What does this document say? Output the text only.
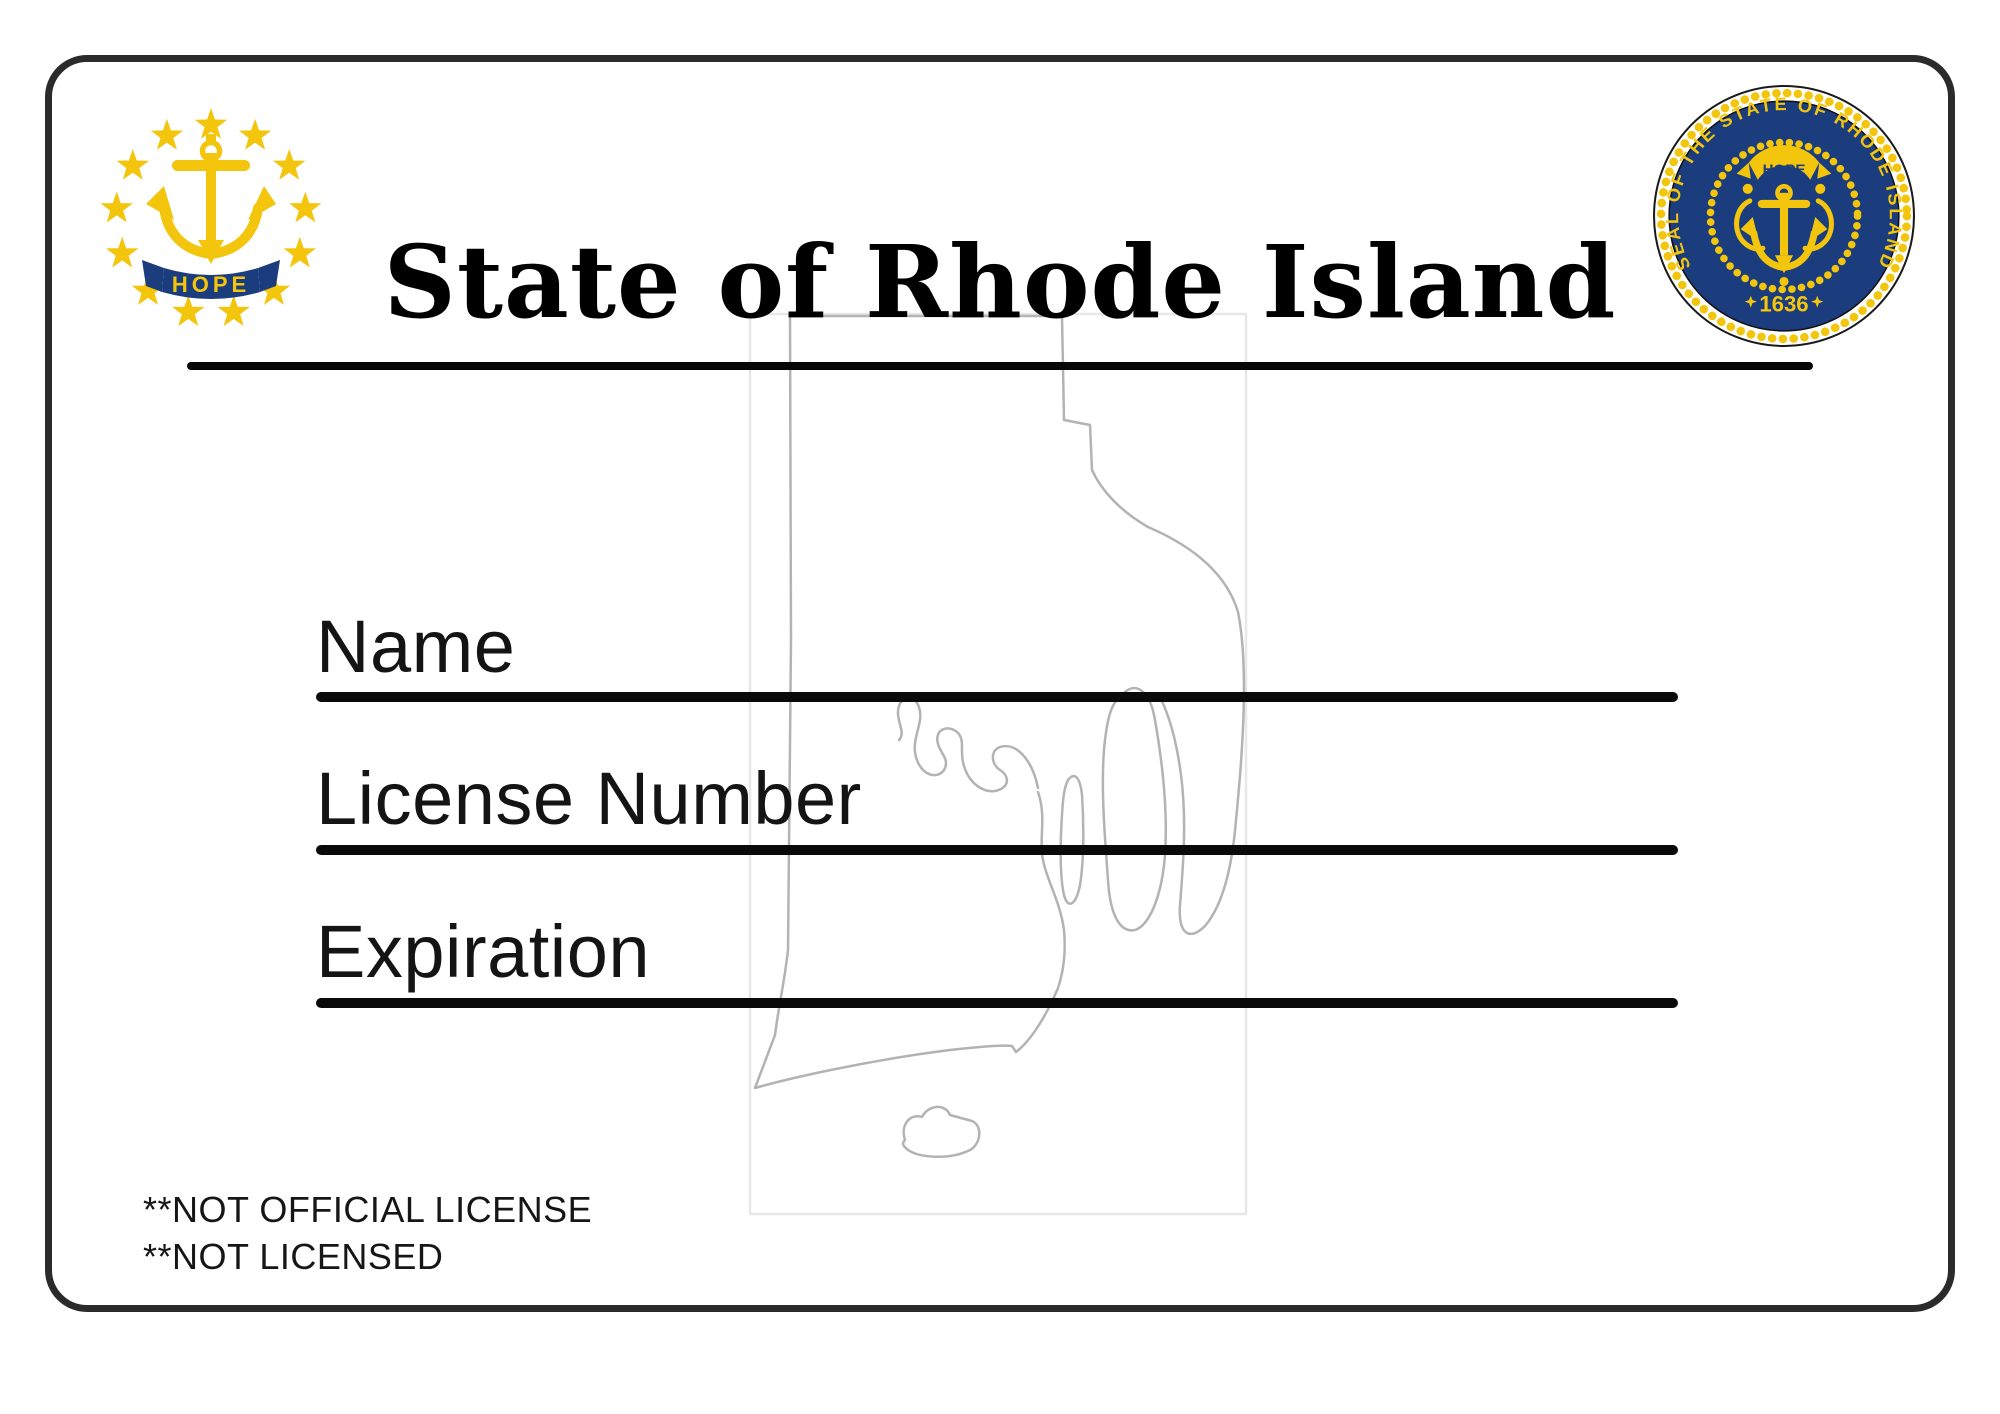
HOPE
SEAL OF THE STATE OF RHODE ISLAND
HOPE
1636
State of Rhode Island
Name
License Number
Expiration
**NOT OFFICIAL LICENSE
**NOT LICENSED
